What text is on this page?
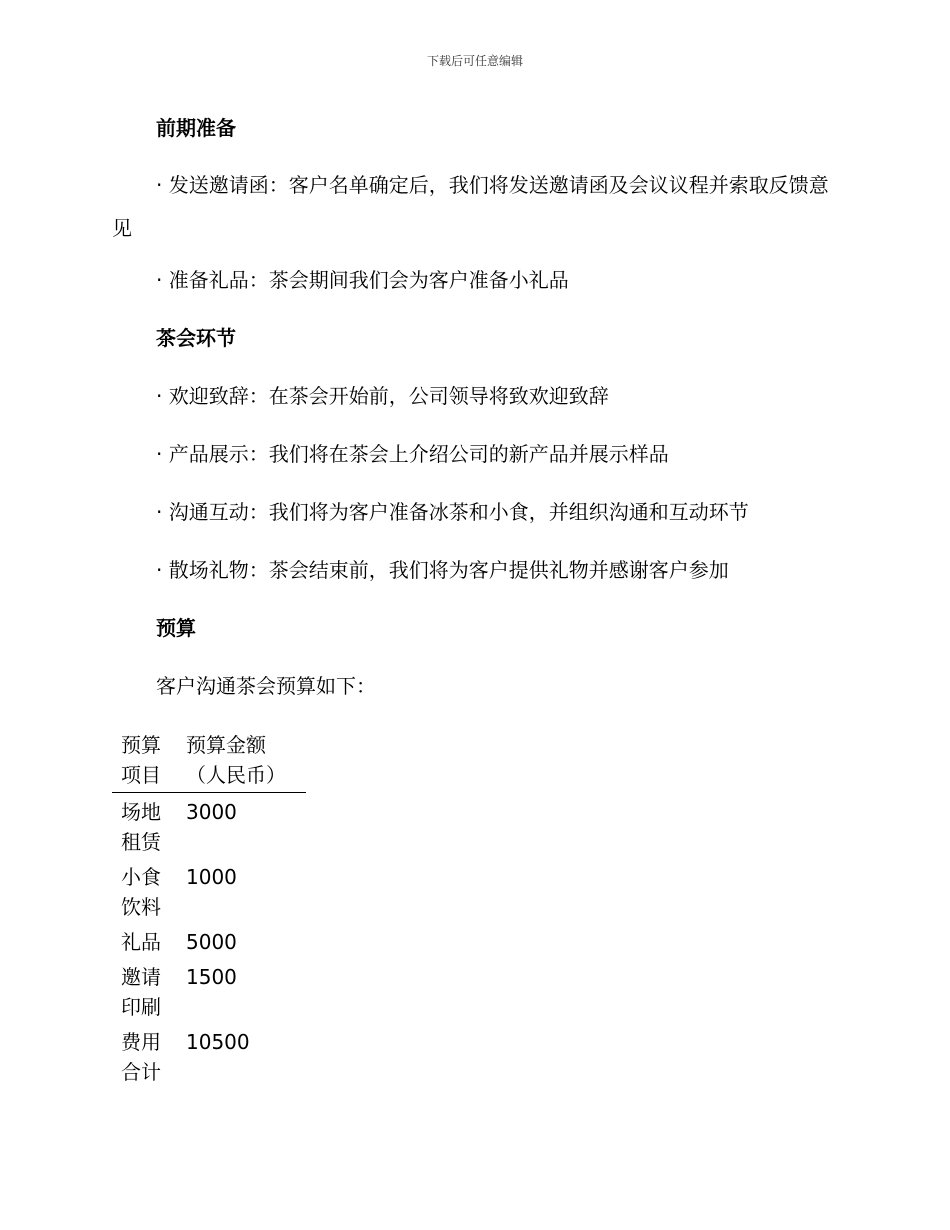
下载后可任意编辑
前期准备
· 发送邀请函：客户名单确定后，我们将发送邀请函及会议议程并索取反馈意见
· 准备礼品：茶会期间我们会为客户准备小礼品
茶会环节
· 欢迎致辞：在茶会开始前，公司领导将致欢迎致辞
· 产品展示：我们将在茶会上介绍公司的新产品并展示样品
· 沟通互动：我们将为客户准备冰茶和小食，并组织沟通和互动环节
· 散场礼物：茶会结束前，我们将为客户提供礼物并感谢客户参加
预算
客户沟通茶会预算如下：
预算项目	预算金额（人民币）

场地租赁	3000

小食饮料	1000

礼品	5000

邀请印刷	1500

费用合计	10500
